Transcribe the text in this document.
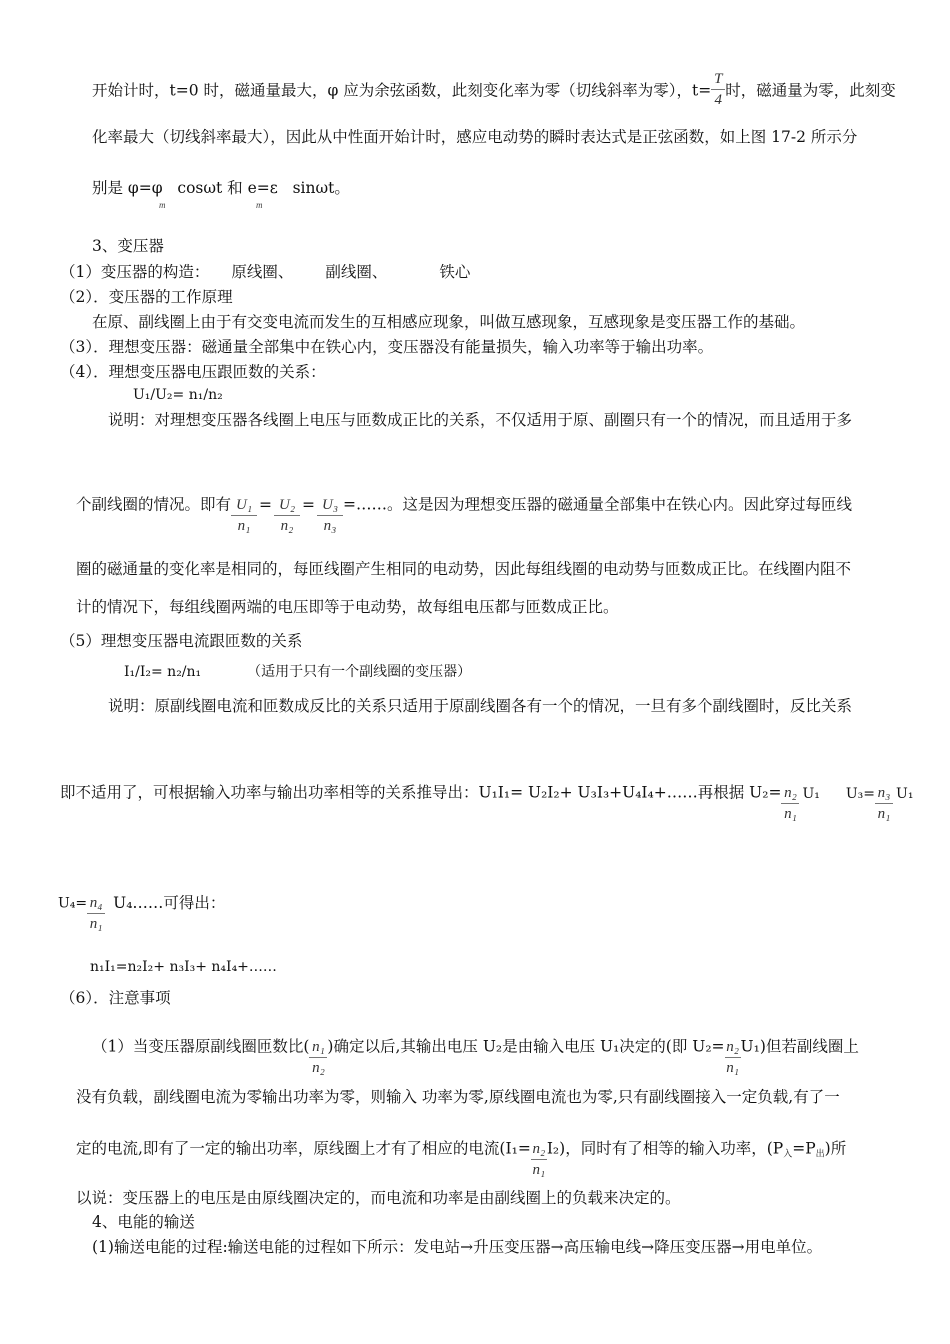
开始计时，t=0 时，磁通量最大，φ 应为余弦函数，此刻变化率为零（切线斜率为零），$t= \frac{T}{4}$ 时，磁通量为零，此刻变
化率最大（切线斜率最大），因此从中性面开始计时，感应电动势的瞬时表达式是正弦函数，如上图 17-2 所示分
别是 φ=φ cosωt 和 e=ε sinωt。
m	m
3、变压器
（1）变压器的构造： 原线圈、 副线圈、	铁心
（2）．变压器的工作原理
在原、副线圈上由于有交变电流而发生的互相感应现象，叫做互感现象，互感现象是变压器工作的基础。
（3）．理想变压器：磁通量全部集中在铁心内，变压器没有能量损失，输入功率等于输出功率。
（4）．理想变压器电压跟匝数的关系：
U₁/U₂= n₁/n₂
说明：对理想变压器各线圈上电压与匝数成正比的关系，不仅适用于原、副圈只有一个的情况，而且适用于多
个副线圈的情况。即有 $\frac{\text{U₁}}{\text{n₁}} = \frac{\text{U₂}}{\text{n₂}} = \frac{\text{U₃}}{\text{n₃}}$ =……。这是因为理想变压器的磁通量全部集中在铁心内。因此穿过每匝线
圈的磁通量的变化率是相同的，每匝线圈产生相同的电动势，因此每组线圈的电动势与匝数成正比。在线圈内阻不
计的情况下，每组线圈两端的电压即等于电动势，故每组电压都与匝数成正比。
（5）理想变压器电流跟匝数的关系
I₁/I₂= n₂/n₁	（适用于只有一个副线圈的变压器）
说明：原副线圈电流和匝数成反比的关系只适用于原副线圈各有一个的情况，一旦有多个副线圈时，反比关系
即不适用了，可根据输入功率与输出功率相等的关系推导出：U₁I₁= U₂I₂+ U₃I₃+U₄I₄+……再根据 $U_2= \frac{\text{n₂}}{\text{n₁}} U_1$ $U_3= \frac{\text{n₃}}{\text{n₁}} U_1$
$U_4= \frac{\text{n₄}}{\text{n₁}}$ U₄……可得出：
n₁I₁=n₂I₂+ n₃I₃+ n₄I₄+……
（6）．注意事项
（1）当变压器原副线圈匝数比( $\frac{\text{n₁}}{\text{n₂}}$ )确定以后,其输出电压 U₂是由输入电压 U₁决定的(即 $U_2= \frac{\text{n₂}}{\text{n₁}} U_1$)但若副线圈上
没有负载，副线圈电流为零输出功率为零，则输入 功率为零,原线圈电流也为零,只有副线圈接入一定负载,有了一
定的电流,即有了一定的输出功率，原线圈上才有了相应的电流$(I_1= \frac{\text{n₂}}{\text{n₁}} I_2)$，同时有了相等的输入功率，$(P_入=P_出)$所
以说：变压器上的电压是由原线圈决定的，而电流和功率是由副线圈上的负载来决定的。
4、电能的输送
(1)输送电能的过程:输送电能的过程如下所示：发电站→升压变压器→高压输电线→降压变压器→用电单位。
